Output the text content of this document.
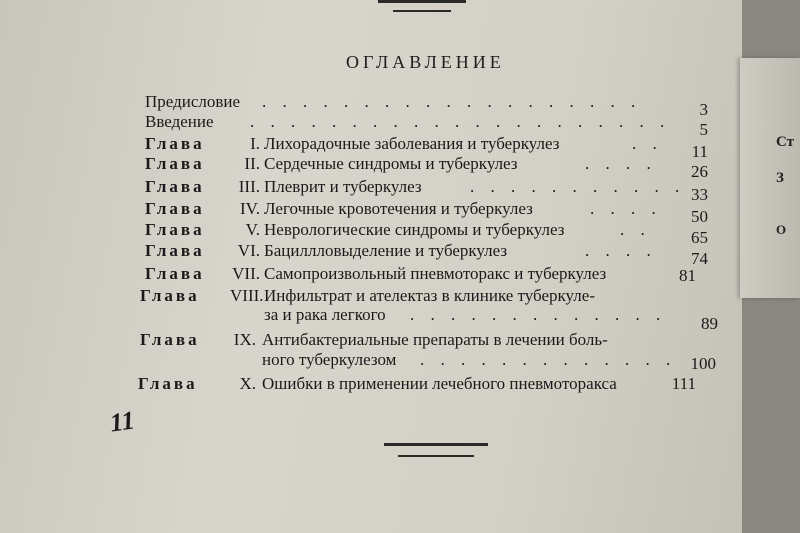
ОГЛАВЛЕНИЕ
Предисловие . . . . . . . . . . . . . . . . . . .	3
Введение . . . . . . . . . . . . . . . . . . . . .	5
Глава	I. Лихорадочные заболевания и туберкулез	. .	11
Глава	II. Сердечные синдромы и туберкулез	. . . .	26
Глава	III. Плеврит и туберкулез	. . . . . . . . . . . 33
Глава	IV. Легочные кровотечения и туберкулез	. . . .	50
Глава	V. Неврологические синдромы и туберкулез	. .	65
Глава	VI. Бациллловыделение и туберкулез	. . . .	74
Глава VII. Самопроизвольный пневмоторакс и туберкулез	81
Глава VIII. Инфильтрат и ателектаз в клинике туберкуле-
за и рака легкого . . . . . . . . . . . . .	89
Глава	IX. Антибактериальные препараты в лечении боль-
ного туберкулезом . . . . . . . . . . . . . 100
Глава	X. Ошибки в применении лечебного пневмоторакса	111
11
Ст
З
О
